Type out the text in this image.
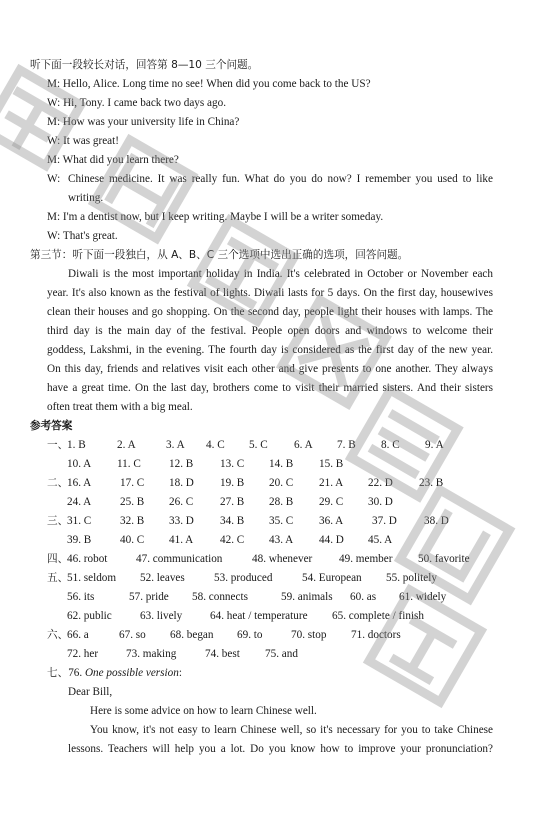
听下面一段较长对话，回答第 8—10 三个问题。
M: Hello, Alice. Long time no see! When did you come back to the US?
W: Hi, Tony. I came back two days ago.
M: How was your university life in China?
W: It was great!
M: What did you learn there?
W: Chinese medicine. It was really fun. What do you do now? I remember you used to like
writing.
M: I'm a dentist now, but I keep writing. Maybe I will be a writer someday.
W: That's great.
第三节：听下面一段独白，从 A、B、C 三个选项中选出正确的选项，回答问题。
Diwali is the most important holiday in India. It's celebrated in October or November each
year. It's also known as the festival of lights. Diwali lasts for 5 days. On the first day, housewives
clean their houses and go shopping. On the second day, people light their houses with lamps. The
third day is the main day of the festival. People open doors and windows to welcome their
goddess, Lakshmi, in the evening. The fourth day is considered as the first day of the new year.
On this day, friends and relatives visit each other and give presents to one another. They always
have a great time. On the last day, brothers come to visit their married sisters. And their sisters
often treat them with a big meal.
参考答案
一、
1. B	2. A	3. A 4. C 5. C 6. A 7. B 8. C 9. A
10. A 11. C	12. B 13. C 14. B 15. B
二、
16. A	17. C 18. D 19. B 20. C 21. A 22. D 23. B
24. A	25. B 26. C 27. B 28. B 29. C 30. D
三、
31. C	32. B 33. D 34. B 35. C 36. A	37. D 38. D
39. B	40. C 41. A 42. C 43. A 44. D 45. A
四、
46. robot	47. communication	48. whenever 49. member 50. favorite
五、
51. seldom 52. leaves	53. produced	54. European 55. politely
56. its	57. pride 58. connects	59. animals 60. as 61. widely
62. public	63. lively 64. heat / temperature 65. complete / finish
六、
66. a	67. so 68. began 69. to	70. stop 71. doctors
72. her 73. making	74. best 75. and
七、76. One possible version:
Dear Bill,
Here is some advice on how to learn Chinese well.
You know, it's not easy to learn Chinese well, so it's necessary for you to take Chinese
lessons. Teachers will help you a lot. Do you know how to improve your pronunciation?
